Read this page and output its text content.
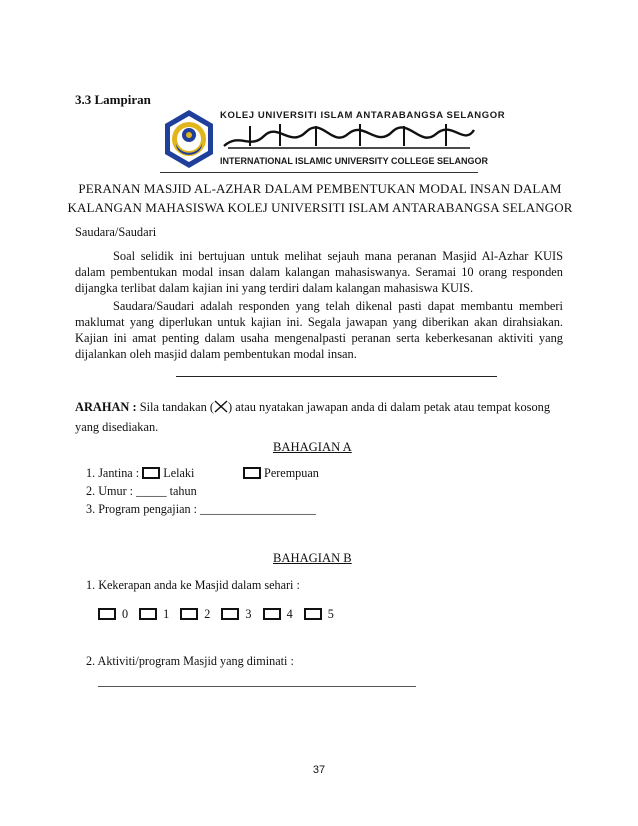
3.3 Lampiran
KOLEJ UNIVERSITI ISLAM ANTARABANGSA SELANGOR
INTERNATIONAL ISLAMIC UNIVERSITY COLLEGE SELANGOR
PERANAN MASJID AL-AZHAR DALAM PEMBENTUKAN MODAL INSAN DALAM
KALANGAN MAHASISWA KOLEJ UNIVERSITI ISLAM ANTARABANGSA SELANGOR
Saudara/Saudari

Soal selidik ini bertujuan untuk melihat sejauh mana peranan Masjid Al-Azhar KUIS dalam pembentukan modal insan dalam kalangan mahasiswanya. Seramai 10 orang responden dijangka terlibat dalam kajian ini yang terdiri dalam kalangan mahasiswa KUIS.

Saudara/Saudari adalah responden yang telah dikenal pasti dapat membantu memberi maklumat yang diperlukan untuk kajian ini. Segala jawapan yang diberikan akan dirahsiakan. Kajian ini amat penting dalam usaha mengenalpasti peranan serta keberkesanan aktiviti yang dijalankan oleh masjid dalam pembentukan modal insan.

ARAHAN : Sila tandakan ( ) atau nyatakan jawapan anda di dalam petak atau tempat kosong yang disediakan.
BAHAGIAN A
1. Jantina : Lelaki	Perempuan
2. Umur : _____ tahun
3. Program pengajian : ___________________
BAHAGIAN B
1. Kekerapan anda ke Masjid dalam sehari :
0	1	2	3	4	5
2. Aktiviti/program Masjid yang diminati :
37
